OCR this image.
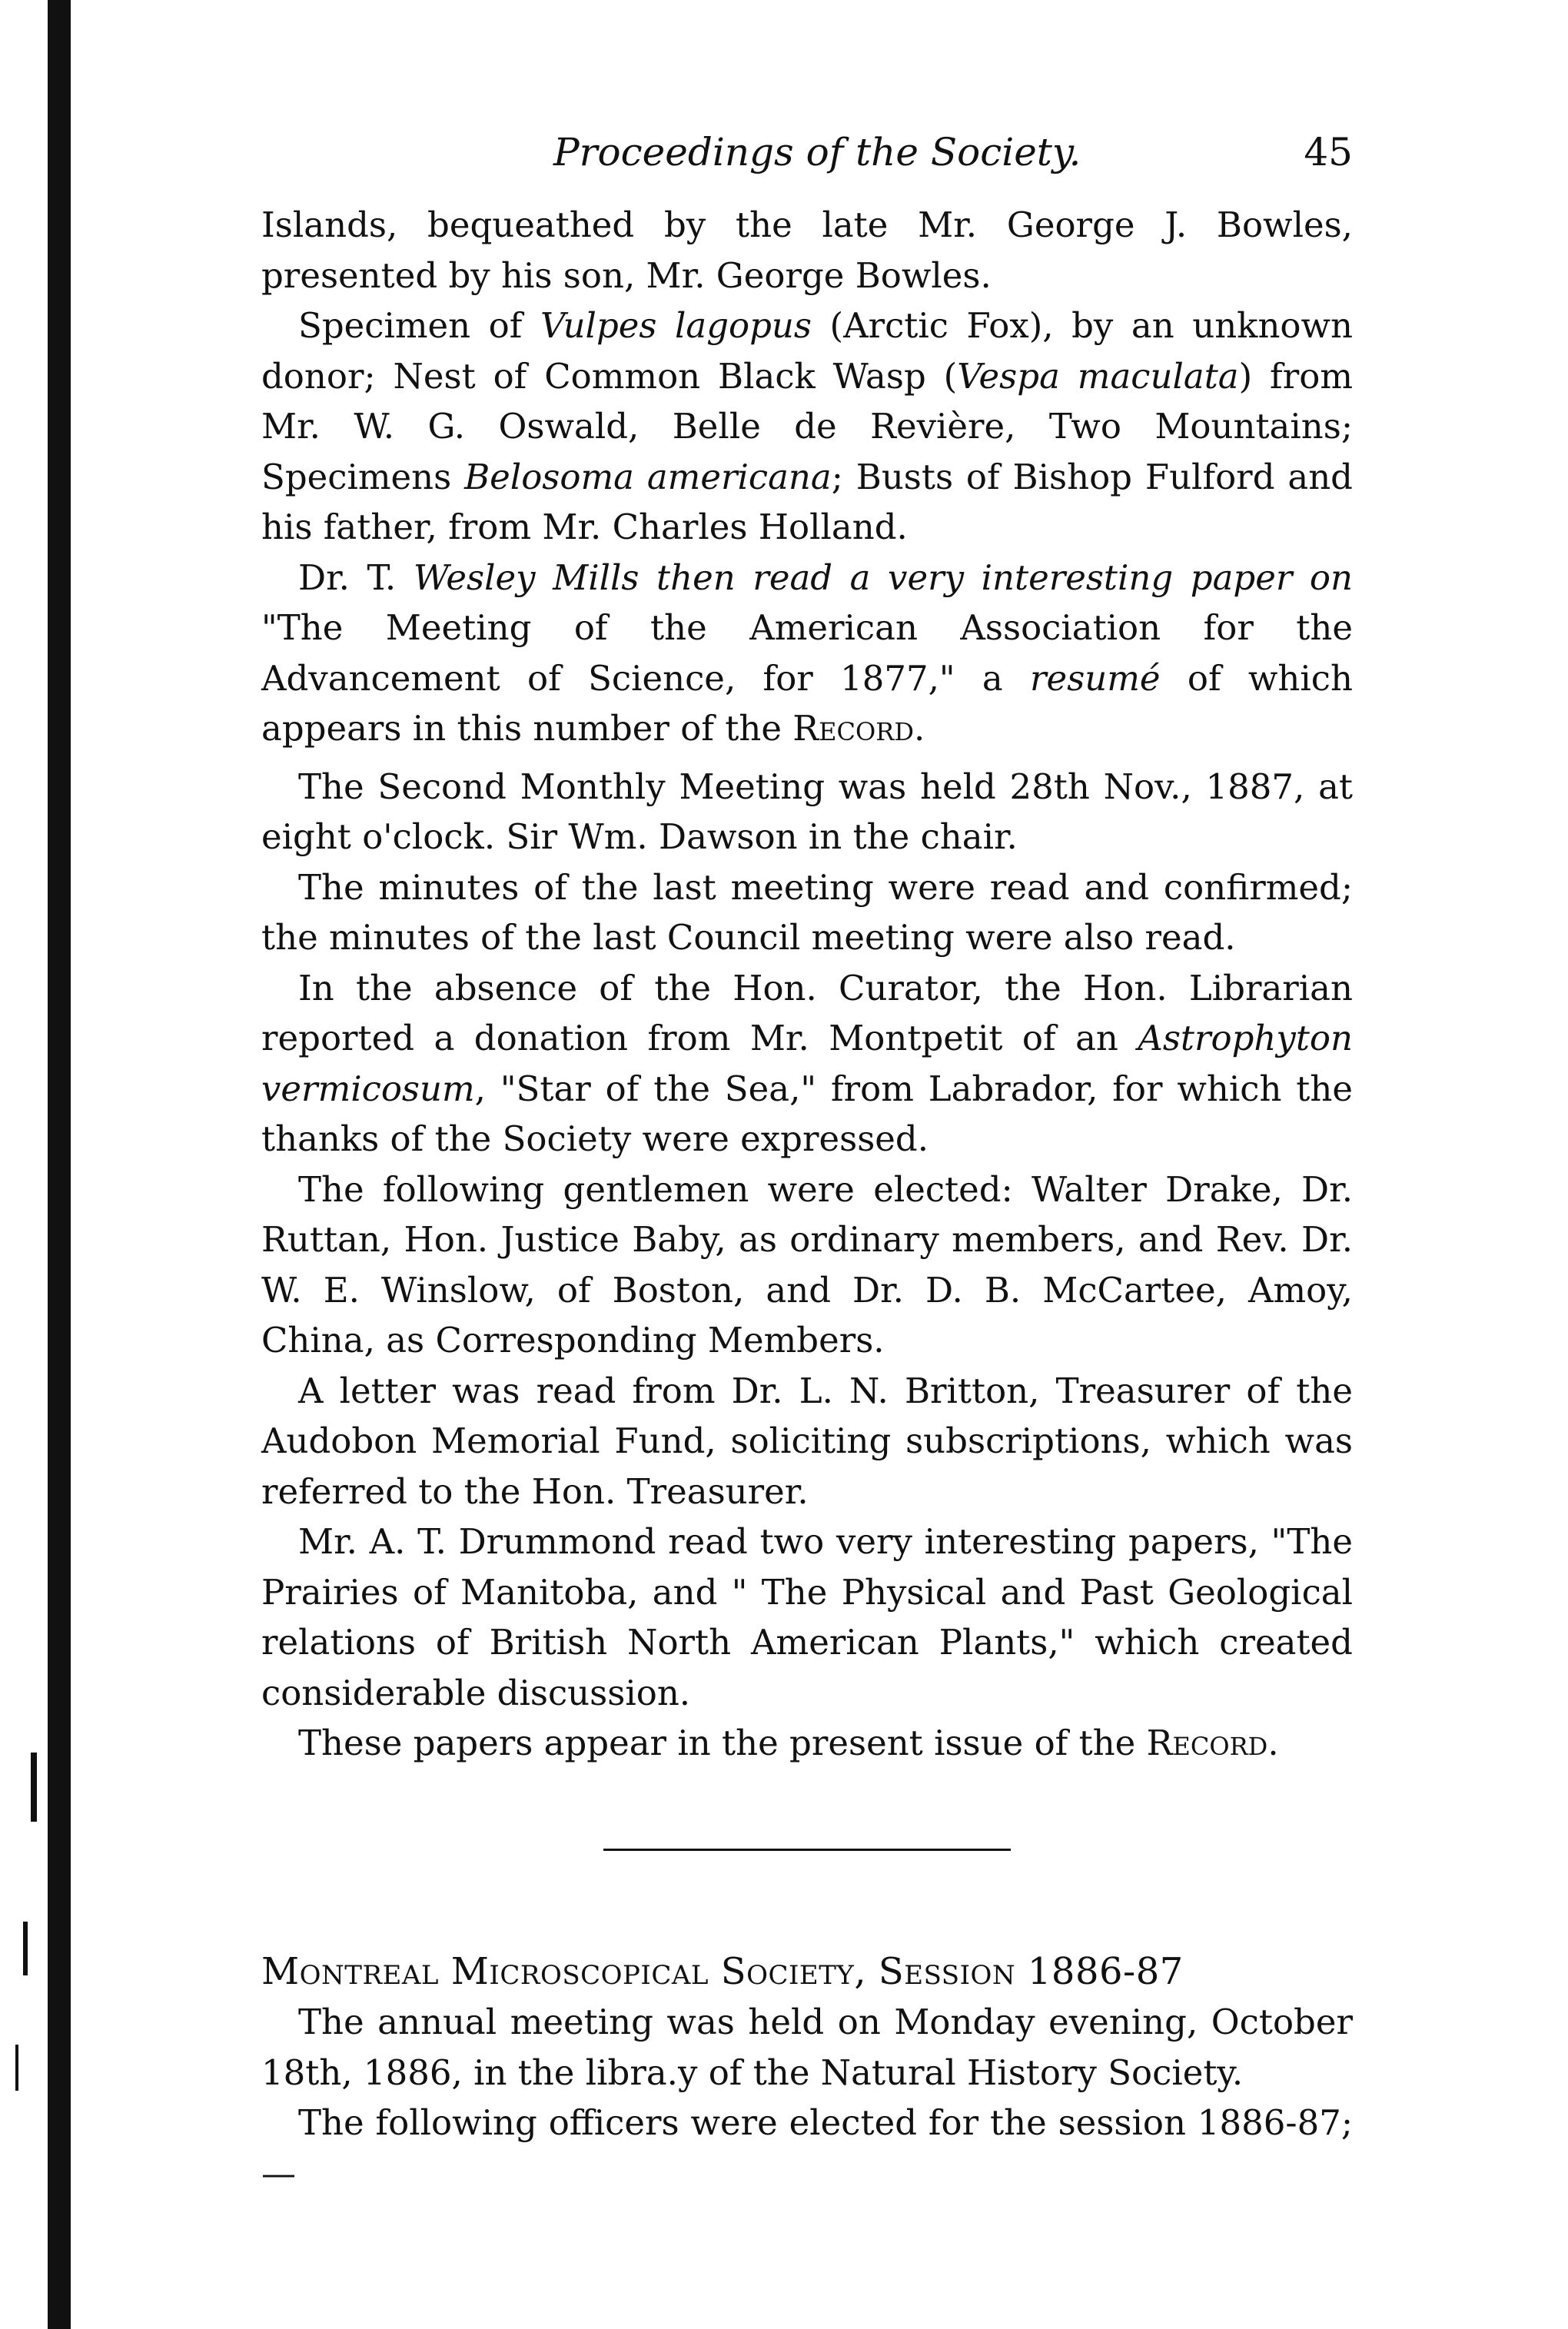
Proceedings of the Society.	45

Islands, bequeathed by the late Mr. George J. Bowles, presented by his son, Mr. George Bowles.

Specimen of Vulpes lagopus (Arctic Fox), by an unknown donor; Nest of Common Black Wasp (Vespa maculata) from Mr. W. G. Oswald, Belle de Revière, Two Mountains; Specimens Belosoma americana; Busts of Bishop Fulford and his father, from Mr. Charles Holland.

Dr. T. Wesley Mills then read a very interesting paper on "The Meeting of the American Association for the Advancement of Science, for 1877," a resumé of which appears in this number of the Record.

The Second Monthly Meeting was held 28th Nov., 1887, at eight o'clock. Sir Wm. Dawson in the chair.

The minutes of the last meeting were read and confirmed; the minutes of the last Council meeting were also read.

In the absence of the Hon. Curator, the Hon. Librarian reported a donation from Mr. Montpetit of an Astrophyton vermicosum, "Star of the Sea," from Labrador, for which the thanks of the Society were expressed.

The following gentlemen were elected: Walter Drake, Dr. Ruttan, Hon. Justice Baby, as ordinary members, and Rev. Dr. W. E. Winslow, of Boston, and Dr. D. B. McCartee, Amoy, China, as Corresponding Members.

A letter was read from Dr. L. N. Britton, Treasurer of the Audobon Memorial Fund, soliciting subscriptions, which was referred to the Hon. Treasurer.

Mr. A. T. Drummond read two very interesting papers, "The Prairies of Manitoba, and " The Physical and Past Geological relations of British North American Plants," which created considerable discussion.

These papers appear in the present issue of the Record.

Montreal Microscopical Society, Session 1886-87

The annual meeting was held on Monday evening, October 18th, 1886, in the libra.y of the Natural History Society.

The following officers were elected for the session 1886-87;—
